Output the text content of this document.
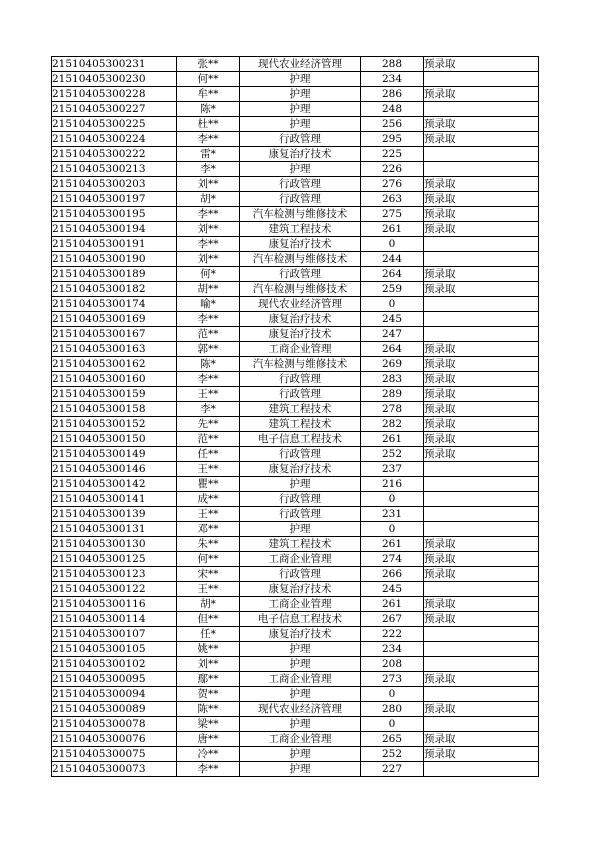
21510405300231	张**	现代农业经济管理	288	预录取
21510405300230	何**	护理	234	
21510405300228	牟**	护理	286	预录取
21510405300227	陈*	护理	248	
21510405300225	杜**	护理	256	预录取
21510405300224	李**	行政管理	295	预录取
21510405300222	雷*	康复治疗技术	225	
21510405300213	李*	护理	226	
21510405300203	刘**	行政管理	276	预录取
21510405300197	胡*	行政管理	263	预录取
21510405300195	李**	汽车检测与维修技术	275	预录取
21510405300194	刘**	建筑工程技术	261	预录取
21510405300191	李**	康复治疗技术	0	
21510405300190	刘**	汽车检测与维修技术	244	
21510405300189	何*	行政管理	264	预录取
21510405300182	胡**	汽车检测与维修技术	259	预录取
21510405300174	喻*	现代农业经济管理	0	
21510405300169	李**	康复治疗技术	245	
21510405300167	范**	康复治疗技术	247	
21510405300163	郭**	工商企业管理	264	预录取
21510405300162	陈*	汽车检测与维修技术	269	预录取
21510405300160	李**	行政管理	283	预录取
21510405300159	王**	行政管理	289	预录取
21510405300158	李*	建筑工程技术	278	预录取
21510405300152	先**	建筑工程技术	282	预录取
21510405300150	范**	电子信息工程技术	261	预录取
21510405300149	任**	行政管理	252	预录取
21510405300146	王**	康复治疗技术	237	
21510405300142	瞿**	护理	216	
21510405300141	成**	行政管理	0	
21510405300139	王**	行政管理	231	
21510405300131	邓**	护理	0	
21510405300130	朱**	建筑工程技术	261	预录取
21510405300125	何**	工商企业管理	274	预录取
21510405300123	宋**	行政管理	266	预录取
21510405300122	王**	康复治疗技术	245	
21510405300116	胡*	工商企业管理	261	预录取
21510405300114	但**	电子信息工程技术	267	预录取
21510405300107	任*	康复治疗技术	222	
21510405300105	姚**	护理	234	
21510405300102	刘**	护理	208	
21510405300095	鄢**	工商企业管理	273	预录取
21510405300094	贺**	护理	0	
21510405300089	陈**	现代农业经济管理	280	预录取
21510405300078	梁**	护理	0	
21510405300076	唐**	工商企业管理	265	预录取
21510405300075	冷**	护理	252	预录取
21510405300073	李**	护理	227	
